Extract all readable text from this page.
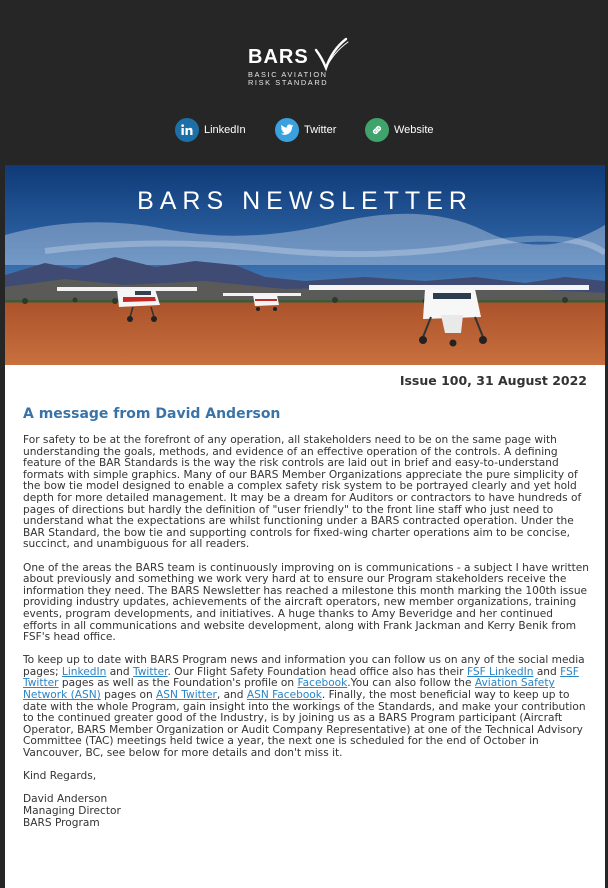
BARS
BASIC AVIATION
RISK STANDARD
LinkedIn	Twitter	Website
BARS NEWSLETTER
Issue 100, 31 August 2022
A message from David Anderson

For safety to be at the forefront of any operation, all stakeholders need to be on the same page with understanding the goals, methods, and evidence of an effective operation of the controls. A defining feature of the BAR Standards is the way the risk controls are laid out in brief and easy-to-understand formats with simple graphics. Many of our BARS Member Organizations appreciate the pure simplicity of the bow tie model designed to enable a complex safety risk system to be portrayed clearly and yet hold depth for more detailed management. It may be a dream for Auditors or contractors to have hundreds of pages of directions but hardly the definition of "user friendly" to the front line staff who just need to understand what the expectations are whilst functioning under a BARS contracted operation. Under the BAR Standard, the bow tie and supporting controls for fixed-wing charter operations aim to be concise, succinct, and unambiguous for all readers.

One of the areas the BARS team is continuously improving on is communications - a subject I have written about previously and something we work very hard at to ensure our Program stakeholders receive the information they need. The BARS Newsletter has reached a milestone this month marking the 100th issue providing industry updates, achievements of the aircraft operators, new member organizations, training events, program developments, and initiatives. A huge thanks to Amy Beveridge and her continued efforts in all communications and website development, along with Frank Jackman and Kerry Benik from FSF's head office.

To keep up to date with BARS Program news and information you can follow us on any of the social media pages; LinkedIn and Twitter. Our Flight Safety Foundation head office also has their FSF LinkedIn and FSF Twitter pages as well as the Foundation's profile on Facebook.You can also follow the Aviation Safety Network (ASN) pages on ASN Twitter, and ASN Facebook. Finally, the most beneficial way to keep up to date with the whole Program, gain insight into the workings of the Standards, and make your contribution to the continued greater good of the Industry, is by joining us as a BARS Program participant (Aircraft Operator, BARS Member Organization or Audit Company Representative) at one of the Technical Advisory Committee (TAC) meetings held twice a year, the next one is scheduled for the end of October in Vancouver, BC, see below for more details and don't miss it.

Kind Regards,

David Anderson

Managing Director

BARS Program
